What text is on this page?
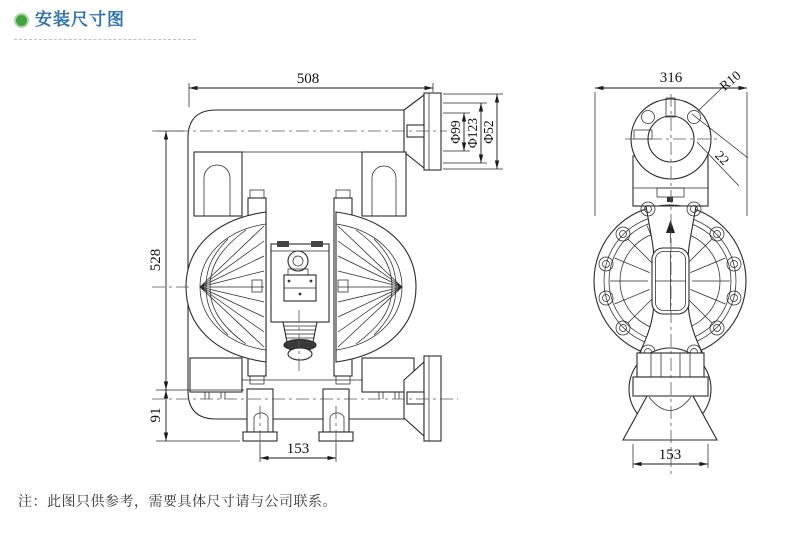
安装尺寸图
508
Φ99 Φ123 Φ52
528
91
153
316	R10
22
153
注：此图只供参考，需要具体尺寸请与公司联系。
